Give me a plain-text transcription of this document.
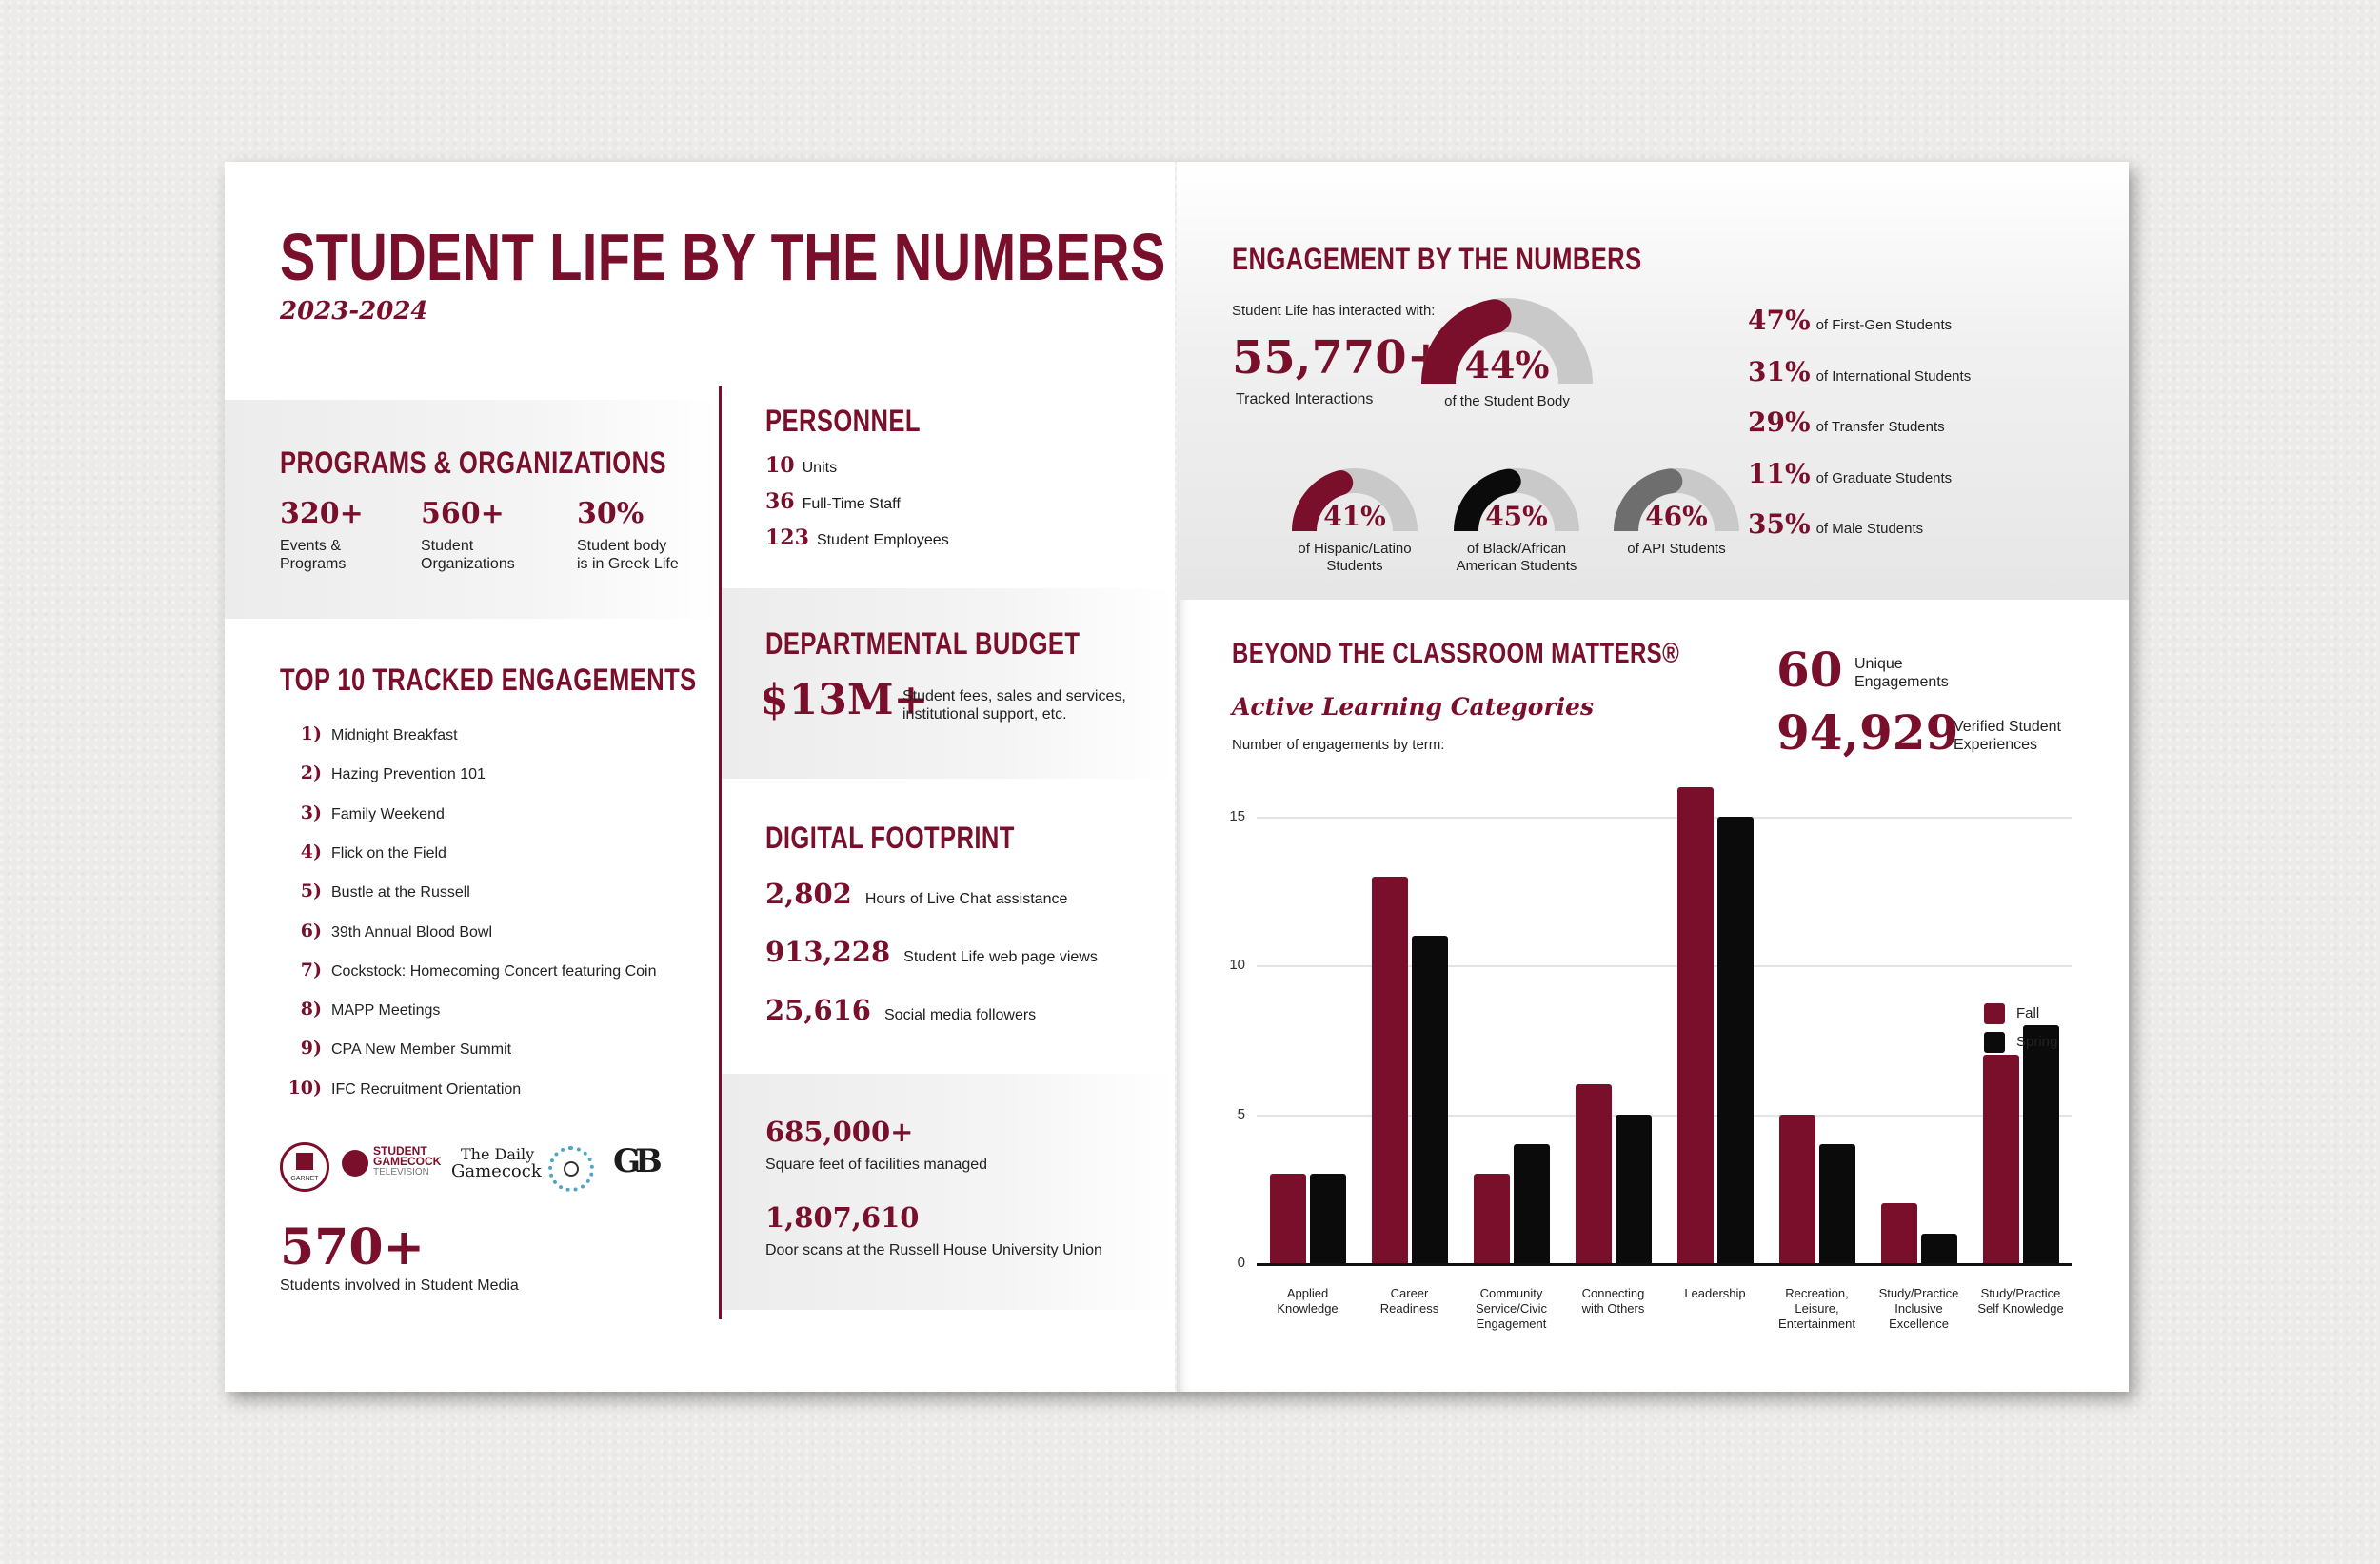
STUDENT LIFE BY THE NUMBERS
2023-2024
PROGRAMS & ORGANIZATIONS
320+
Events &
Programs
560+
Student
Organizations
30%
Student body
is in Greek Life
TOP 10 TRACKED ENGAGEMENTS
1) Midnight Breakfast
2) Hazing Prevention 101
3) Family Weekend
4) Flick on the Field
5) Bustle at the Russell
6) 39th Annual Blood Bowl
7) Cockstock: Homecoming Concert featuring Coin
8) MAPP Meetings
9) CPA New Member Summit
10) IFC Recruitment Orientation
GARNET
STUDENT
GAMECOCK
TELEVISION
The Daily
Gamecock GB
570+
Students involved in Student Media
PERSONNEL
10 Units
36 Full-Time Staff
123 Student Employees
DEPARTMENTAL BUDGET
$13M+
Student fees, sales and services,
institutional support, etc.
DIGITAL FOOTPRINT
2,802 Hours of Live Chat assistance
913,228 Student Life web page views
25,616 Social media followers
685,000+
Square feet of facilities managed
1,807,610
Door scans at the Russell House University Union
ENGAGEMENT BY THE NUMBERS
Student Life has interacted with:
55,770+
Tracked Interactions
44%
of the Student Body
41%
of Hispanic/Latino
Students
45%
of Black/African
American Students
46%
of API Students
47% of First-Gen Students
31% of International Students
29% of Transfer Students
11% of Graduate Students
35% of Male Students
BEYOND THE CLASSROOM MATTERS®
Active Learning Categories
Number of engagements by term:
60 Unique
Engagements
94,929
Verified Student
Experiences
0
5
10
15
Applied
Knowledge
Career
Readiness
Community
Service/Civic
Engagement
Connecting
with Others
Leadership	Recreation,
Leisure,
Entertainment
Study/Practice
Inclusive
Excellence
Study/Practice
Self Knowledge
Fall
Spring
